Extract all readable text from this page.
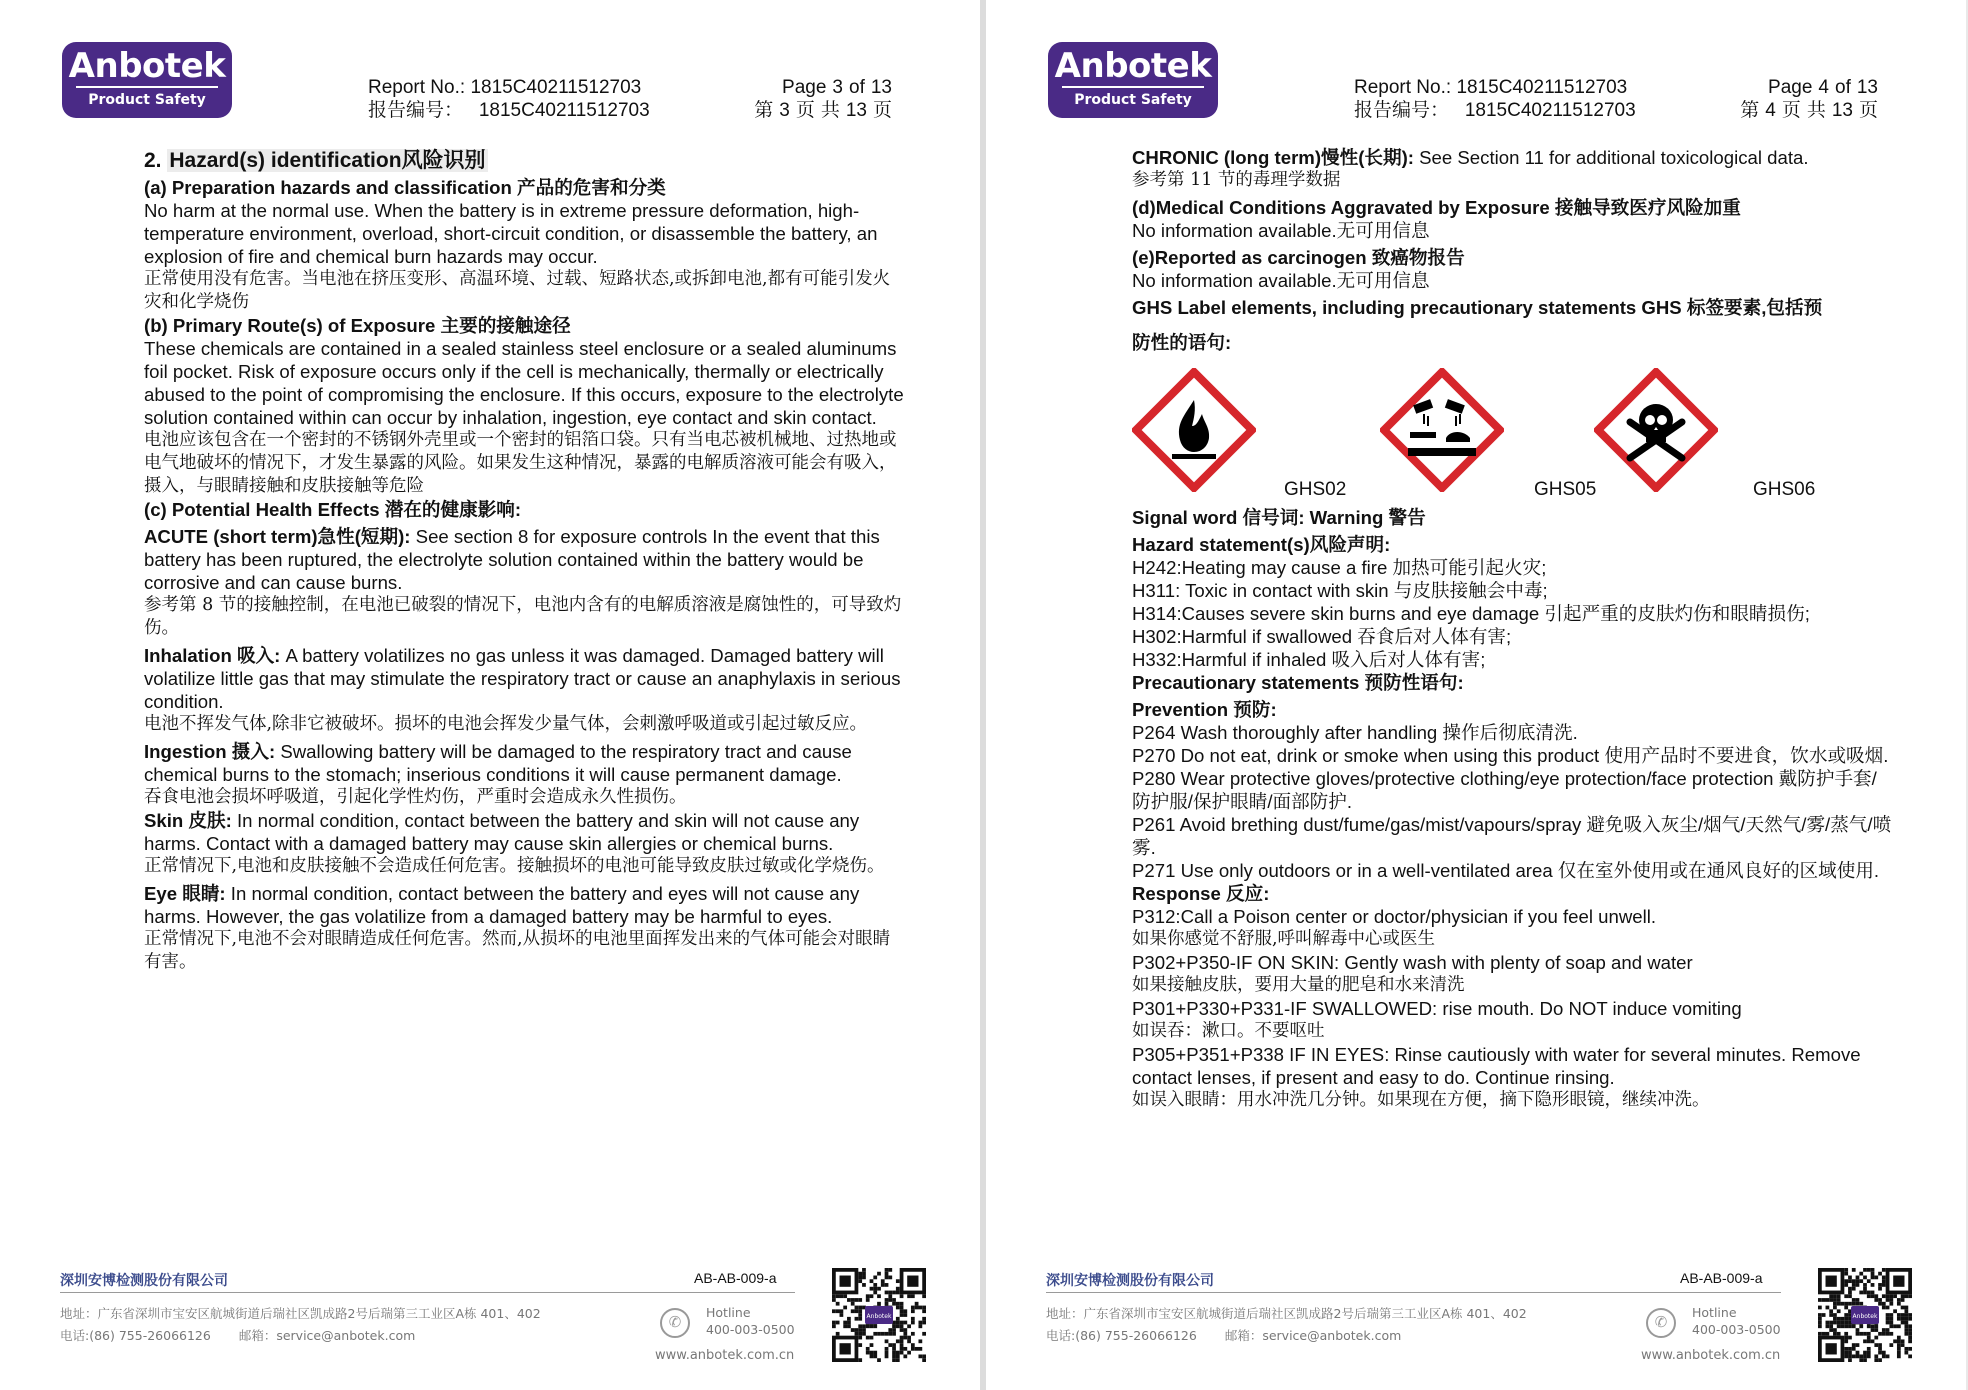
Anbotek
Product Safety
Report No.: 1815C40211512703
报告编号： 1815C40211512703
Page 3 of 13
第 3 页 共 13 页

2. Hazard(s) identification风险识别

(a) Preparation hazards and classification 产品的危害和分类

No harm at the normal use. When the battery is in extreme pressure deformation, high-temperature environment, overload, short-circuit condition, or disassemble the battery, an explosion of fire and chemical burn hazards may occur.

正常使用没有危害。当电池在挤压变形、高温环境、过载、短路状态,或拆卸电池,都有可能引发火灾和化学烧伤

(b) Primary Route(s) of Exposure 主要的接触途径

These chemicals are contained in a sealed stainless steel enclosure or a sealed aluminums foil pocket. Risk of exposure occurs only if the cell is mechanically, thermally or electrically abused to the point of compromising the enclosure. If this occurs, exposure to the electrolyte solution contained within can occur by inhalation, ingestion, eye contact and skin contact.

电池应该包含在一个密封的不锈钢外壳里或一个密封的铝箔口袋。只有当电芯被机械地、过热地或电气地破坏的情况下，才发生暴露的风险。如果发生这种情况，暴露的电解质溶液可能会有吸入，摄入，与眼睛接触和皮肤接触等危险

(c) Potential Health Effects 潜在的健康影响:

ACUTE (short term)急性(短期): See section 8 for exposure controls In the event that this battery has been ruptured, the electrolyte solution contained within the battery would be corrosive and can cause burns.

参考第 8 节的接触控制，在电池已破裂的情况下，电池内含有的电解质溶液是腐蚀性的，可导致灼伤。

Inhalation 吸入: A battery volatilizes no gas unless it was damaged. Damaged battery will volatilize little gas that may stimulate the respiratory tract or cause an anaphylaxis in serious condition.

电池不挥发气体,除非它被破坏。损坏的电池会挥发少量气体，会刺激呼吸道或引起过敏反应。

Ingestion 摄入: Swallowing battery will be damaged to the respiratory tract and cause chemical burns to the stomach; inserious conditions it will cause permanent damage.

吞食电池会损坏呼吸道，引起化学性灼伤，严重时会造成永久性损伤。

Skin 皮肤: In normal condition, contact between the battery and skin will not cause any harms. Contact with a damaged battery may cause skin allergies or chemical burns.

正常情况下,电池和皮肤接触不会造成任何危害。接触损坏的电池可能导致皮肤过敏或化学烧伤。

Eye 眼睛: In normal condition, contact between the battery and eyes will not cause any harms. However, the gas volatilize from a damaged battery may be harmful to eyes.

正常情况下,电池不会对眼睛造成任何危害。然而,从损坏的电池里面挥发出来的气体可能会对眼睛有害。

深圳安博检测股份有限公司	AB-AB-009-a
地址：广东省深圳市宝安区航城街道后瑞社区凯成路2号后瑞第三工业区A栋 401、402
电话:(86) 755-26066126 邮箱：service@anbotek.com
✆
Hotline
400-003-0500
www.anbotek.com.cn
Anbotek
Anbotek
Product Safety
Report No.: 1815C40211512703
报告编号： 1815C40211512703
Page 4 of 13
第 4 页 共 13 页

CHRONIC (long term)慢性(长期): See Section 11 for additional toxicological data.

参考第 11 节的毒理学数据

(d)Medical Conditions Aggravated by Exposure 接触导致医疗风险加重

No information available.无可用信息

(e)Reported as carcinogen 致癌物报告

No information available.无可用信息

GHS Label elements, including precautionary statements GHS 标签要素,包括预

防性的语句:

GHS02	GHS05	GHS06

Signal word 信号词: Warning 警告

Hazard statement(s)风险声明:

H242:Heating may cause a fire 加热可能引起火灾;

H311: Toxic in contact with skin 与皮肤接触会中毒;

H314:Causes severe skin burns and eye damage 引起严重的皮肤灼伤和眼睛损伤;

H302:Harmful if swallowed 吞食后对人体有害;

H332:Harmful if inhaled 吸入后对人体有害;

Precautionary statements 预防性语句:

Prevention 预防:

P264 Wash thoroughly after handling 操作后彻底清洗.

P270 Do not eat, drink or smoke when using this product 使用产品时不要进食，饮水或吸烟.

P280 Wear protective gloves/protective clothing/eye protection/face protection 戴防护手套/防护服/保护眼睛/面部防护.

P261 Avoid brething dust/fume/gas/mist/vapours/spray 避免吸入灰尘/烟气/天然气/雾/蒸气/喷雾.

P271 Use only outdoors or in a well-ventilated area 仅在室外使用或在通风良好的区域使用.

Response 反应:

P312:Call a Poison center or doctor/physician if you feel unwell.

如果你感觉不舒服,呼叫解毒中心或医生

P302+P350-IF ON SKIN: Gently wash with plenty of soap and water

如果接触皮肤，要用大量的肥皂和水来清洗

P301+P330+P331-IF SWALLOWED: rise mouth. Do NOT induce vomiting

如误吞：漱口。不要呕吐

P305+P351+P338 IF IN EYES: Rinse cautiously with water for several minutes. Remove contact lenses, if present and easy to do. Continue rinsing.

如误入眼睛：用水冲洗几分钟。如果现在方便，摘下隐形眼镜，继续冲洗。

深圳安博检测股份有限公司	AB-AB-009-a
地址：广东省深圳市宝安区航城街道后瑞社区凯成路2号后瑞第三工业区A栋 401、402
电话:(86) 755-26066126 邮箱：service@anbotek.com
✆
Hotline
400-003-0500
www.anbotek.com.cn
Anbotek
